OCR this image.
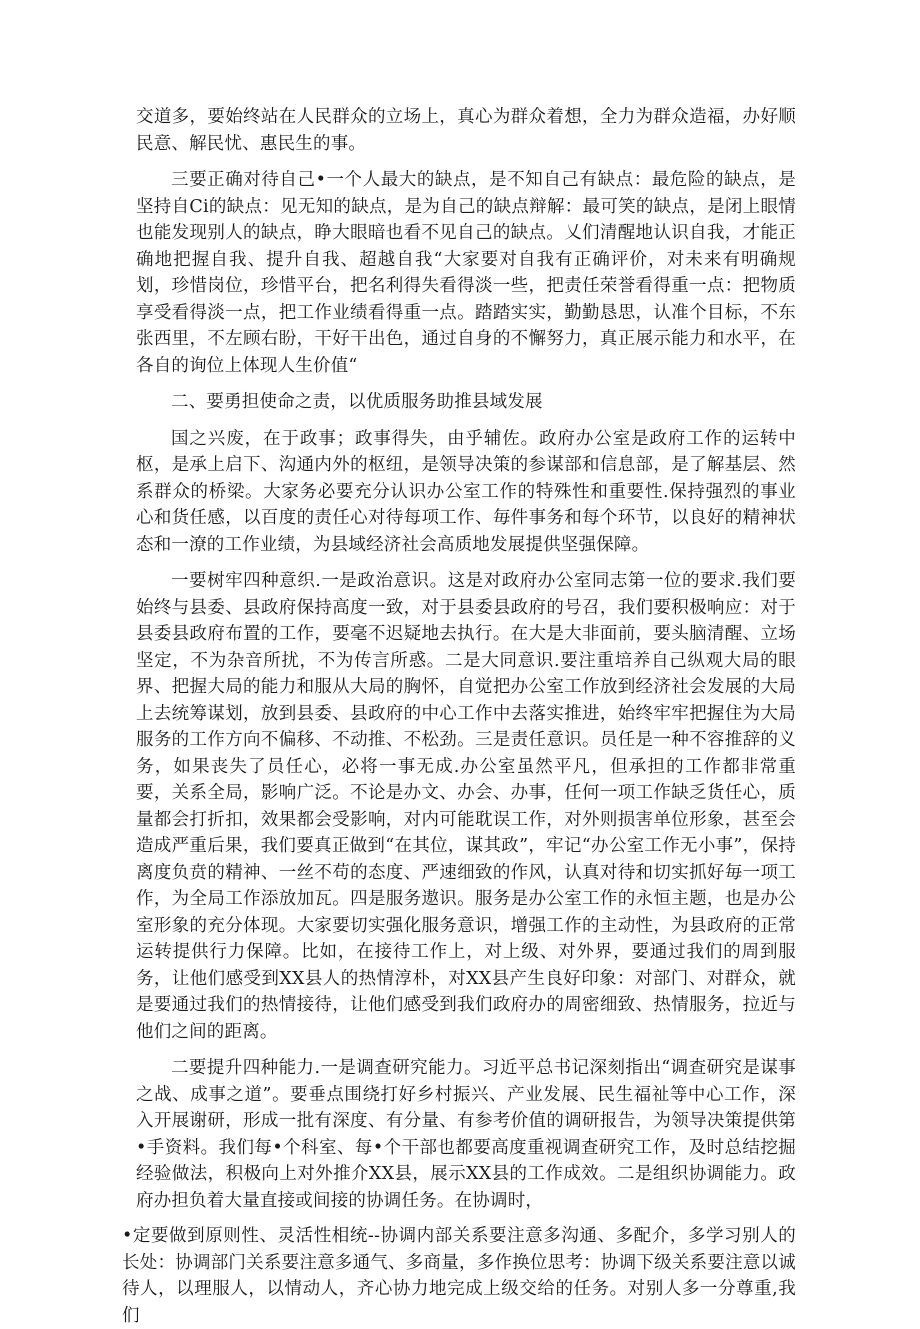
交道多，要始终站在人民群众的立场上，真心为群众着想，全力为群众造福，办好顺民意、解民忧、惠民生的事。

三要正确对待自己•一个人最大的缺点，是不知自己有缺点：最危险的缺点，是坚持自Ci的缺点：见无知的缺点，是为自己的缺点辩解：最可笑的缺点，是闭上眼情也能发现别人的缺点，睁大眼暗也看不见自己的缺点。乂们清醒地认识自我，才能正确地把握自我、提升自我、超越自我“大家要对自我有正确评价，对未来有明确规划，珍惜岗位，珍惜平台，把名利得失看得淡一些，把责任荣誉看得重一点：把物质享受看得淡一点，把工作业绩看得重一点。踏踏实实，勤勤恳思，认准个目标，不东张西里，不左顾右盼，干好干出色，通过自身的不懈努力，真正展示能力和水平，在各自的询位上体现人生价值“

二、要勇担使命之责，以优质服务助推县域发展

国之兴废，在于政事；政事得失，由乎辅佐。政府办公室是政府工作的运转中枢，是承上启下、沟通内外的枢纽，是领导决策的参谋部和信息部，是了解基层、然系群众的桥梁。大家务必要充分认识办公室工作的特殊性和重要性.保持强烈的事业心和货任感，以百度的责任心对待每项工作、毎件事务和每个环节，以良好的精神状态和一潦的工作业绩，为县域经济社会高质地发展提供坚强保障。

一要树牢四种意织.一是政治意识。这是对政府办公室同志第一位的要求.我们要始终与县委、县政府保持高度一致，对于县委县政府的号召，我们要积极响应：对于县委县政府布置的工作，要毫不迟疑地去执行。在大是大非面前，要头脑清醒、立场坚定，不为杂音所扰，不为传言所惑。二是大同意识.要注重培养自己纵观大局的眼界、把握大局的能力和服从大局的胸怀，自觉把办公室工作放到经济社会发展的大局上去统筹谋划，放到县委、县政府的中心工作中去落实推进，始终牢牢把握住为大局服务的工作方向不偏移、不动推、不松劲。三是责任意识。员任是一种不容推辞的义务，如果丧失了员任心，必将一事无成.办公室虽然平凡，但承担的工作都非常重要，关系全局，影响广泛。不论是办文、办会、办事，任何一项工作缺乏货任心，质量都会打折扣，效果都会受影响，对内可能耽误工作，对外则损害单位形象，甚至会造成严重后果，我们要真正做到“在其位，谋其政”，牢记“办公室工作无小事”，保持离度负贲的精神、一丝不苟的态度、严速细致的作风，认真对待和切实抓好毎一项工作，为全局工作添放加瓦。四是服务遨识。服务是办公室工作的永恒主题，也是办公室形象的充分体现。大家要切实强化服务意识，增强工作的主动性，为县政府的正常运转提供行力保障。比如，在接待工作上，对上级、对外界，要通过我们的周到服务，让他们感受到XX县人的热情淳朴，对XX县产生良好印象：对部门、对群众，就是要通过我们的热情接待，让他们感受到我们政府办的周密细致、热情服务，拉近与他们之间的距离。

二要提升四种能力.一是调查研究能力。习近平总书记深刻指出“调查研究是谋事之战、成事之道”。要垂点围绕打好乡村振兴、产业发展、民生福祉等中心工作，深入开展谢研，形成一批有深度、有分量、有参考价值的调研报告，为领导决策提供第•手资料。我们每•个科室、每•个干部也都要高度重视调查研究工作，及时总结挖掘经验做法，积极向上对外推介XX县，展示XX县的工作成效。二是组织协调能力。政府办担负着大量直接或间接的协调任务。在协调时，

•定要做到原则性、灵活性相统--协调内部关系要注意多沟通、多配介，多学习别人的长处：协调部门关系要注意多通气、多商量，多作换位思考：协调下级关系要注意以诚待人，以理服人，以情动人，齐心协力地完成上级交给的任务。对别人多一分尊重,我们
